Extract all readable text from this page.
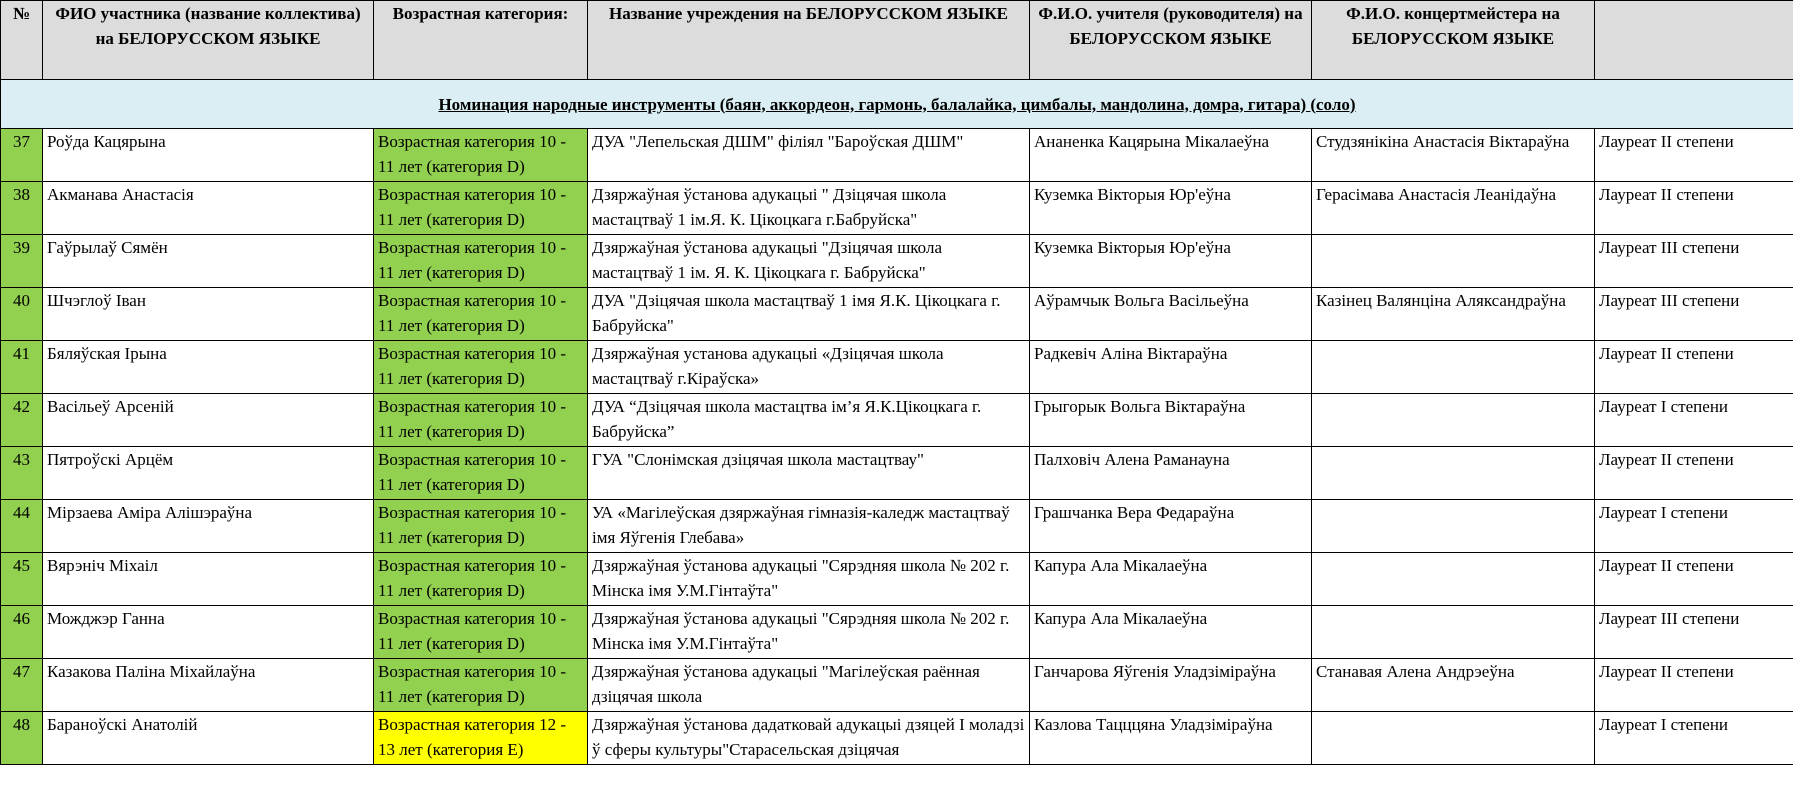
№	ФИО участника (название коллектива) на БЕЛОРУССКОМ ЯЗЫКЕ	Возрастная категория:	Название учреждения на БЕЛОРУССКОМ ЯЗЫКЕ	Ф.И.О. учителя (руководителя) на БЕЛОРУССКОМ ЯЗЫКЕ	Ф.И.О. концертмейстера на БЕЛОРУССКОМ ЯЗЫКЕ	
Номинация народные инструменты (баян, аккордеон, гармонь, балалайка, цимбалы, мандолина, домра, гитара) (соло)						
37	Роўда Кацярына	Возрастная категория 10 - 11 лет (категория D)	ДУА "Лепельская ДШМ" філіял "Бароўская ДШМ"	Ананенка Кацярына Мікалаеўна	Студзянікіна Анастасія Віктараўна	Лауреат II степени
38	Акманава Анастасія	Возрастная категория 10 - 11 лет (категория D)	Дзяржаўная ўстанова адукацыі " Дзіцячая школа мастацтваў 1 ім.Я. К. Цікоцкага г.Бабруйска"	Куземка Вікторыя Юр'еўна	Герасімава Анастасія Леанідаўна	Лауреат II степени
39	Гаўрылаў Сямён	Возрастная категория 10 - 11 лет (категория D)	Дзяржаўная ўстанова адукацыі "Дзіцячая школа мастацтваў 1 ім. Я. К. Цікоцкага г. Бабруйска"	Куземка Вікторыя Юр'еўна		Лауреат III степени
40	Шчэглоў Іван	Возрастная категория 10 - 11 лет (категория D)	ДУА "Дзіцячая школа мастацтваў 1 імя Я.К. Цікоцкага г. Бабруйска"	Аўрамчык Вольга Васільеўна	Казінец Валянціна Аляксандраўна	Лауреат III степени
41	Бяляўская Ірына	Возрастная категория 10 - 11 лет (категория D)	Дзяржаўная установа адукацыі «Дзіцячая школа мастацтваў г.Кіраўска»	Радкевіч Аліна Віктараўна		Лауреат II степени
42	Васільеў Арсеній	Возрастная категория 10 - 11 лет (категория D)	ДУА “Дзіцячая школа мастацтва ім’я Я.К.Цікоцкага г. Бабруйска”	Грыгорык Вольга Віктараўна		Лауреат I степени
43	Пятроўскі Арцём	Возрастная категория 10 - 11 лет (категория D)	ГУА "Слонімская дзіцячая школа мастацтвау"	Палховіч Алена Раманауна		Лауреат II степени
44	Мірзаева Аміра Алішэраўна	Возрастная категория 10 - 11 лет (категория D)	УА «Магілеўская дзяржаўная гімназія-каледж мастацтваў імя Яўгенія Глебава»	Грашчанка Вера Федараўна		Лауреат I степени
45	Вярэніч Міхаіл	Возрастная категория 10 - 11 лет (категория D)	Дзяржаўная ўстанова адукацыі "Сярэдняя школа № 202 г. Мінска імя У.М.Гінтаўта"	Капура Ала Мікалаеўна		Лауреат II степени
46	Можджэр Ганна	Возрастная категория 10 - 11 лет (категория D)	Дзяржаўная ўстанова адукацыі "Сярэдняя школа № 202 г. Мінска імя У.М.Гінтаўта"	Капура Ала Мікалаеўна		Лауреат III степени
47	Казакова Паліна Міхайлаўна	Возрастная категория 10 - 11 лет (категория D)	Дзяржаўная ўстанова адукацыі "Магілеўская раённая дзіцячая школа	Ганчарова Яўгенія Уладзіміраўна	Станавая Алена Андрэеўна	Лауреат II степени
48	Бараноўскі Анатолій	Возрастная категория 12 - 13 лет (категория E)	Дзяржаўная ўстанова дадатковай адукацыі дзяцей І моладзі ў сферы культуры"Старасельская дзіцячая	Казлова Тацццяна Уладзіміраўна		Лауреат I степени
